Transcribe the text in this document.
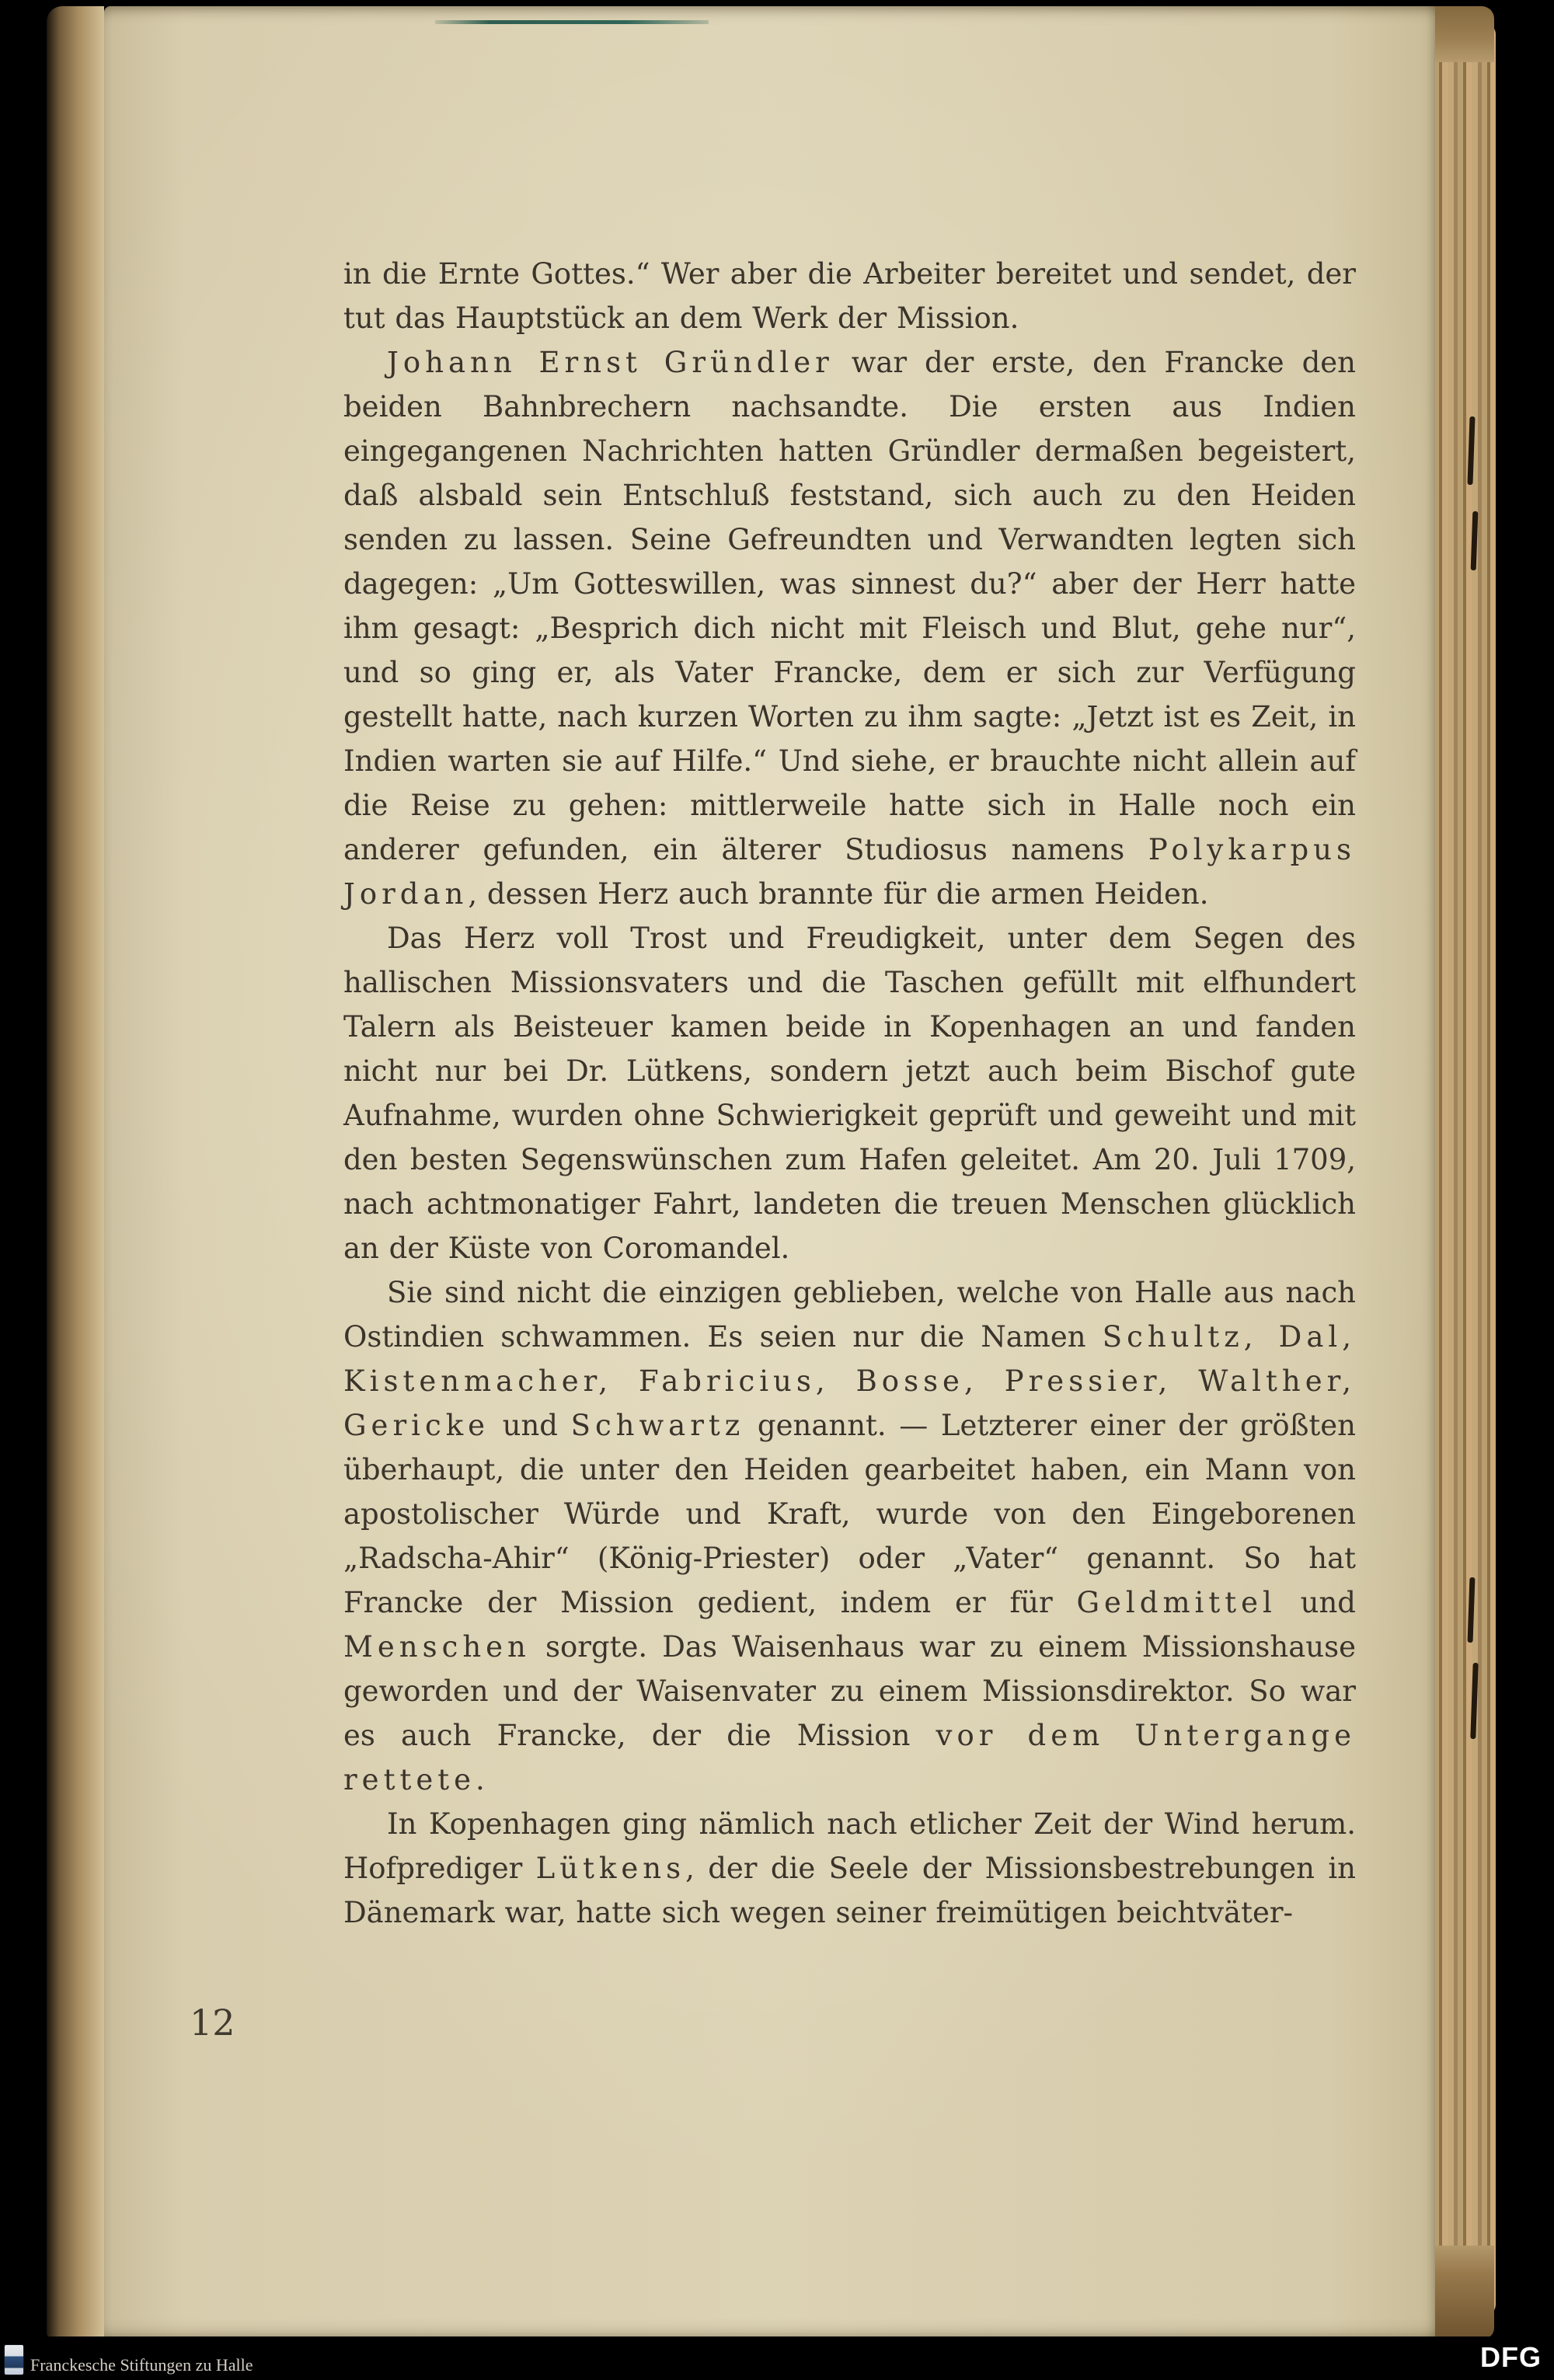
in die Ernte Gottes.“ Wer aber die Arbeiter bereitet und sendet, der tut das Hauptstück an dem Werk der Mission.

Johann Ernst Gründler war der erste, den Francke den beiden Bahnbrechern nachsandte. Die ersten aus Indien eingegangenen Nachrichten hatten Gründler dermaßen begeistert, daß alsbald sein Entschluß feststand, sich auch zu den Heiden senden zu lassen. Seine Gefreundten und Verwandten legten sich dagegen: „Um Gotteswillen, was sinnest du?“ aber der Herr hatte ihm gesagt: „Besprich dich nicht mit Fleisch und Blut, gehe nur“, und so ging er, als Vater Francke, dem er sich zur Verfügung gestellt hatte, nach kurzen Worten zu ihm sagte: „Jetzt ist es Zeit, in Indien warten sie auf Hilfe.“ Und siehe, er brauchte nicht allein auf die Reise zu gehen: mittlerweile hatte sich in Halle noch ein anderer gefunden, ein älterer Studiosus namens Polykarpus Jordan, dessen Herz auch brannte für die armen Heiden.

Das Herz voll Trost und Freudigkeit, unter dem Segen des hallischen Missionsvaters und die Taschen gefüllt mit elfhundert Talern als Beisteuer kamen beide in Kopenhagen an und fanden nicht nur bei Dr. Lütkens, sondern jetzt auch beim Bischof gute Aufnahme, wurden ohne Schwierigkeit geprüft und geweiht und mit den besten Segenswünschen zum Hafen geleitet. Am 20. Juli 1709, nach achtmonatiger Fahrt, landeten die treuen Menschen glücklich an der Küste von Coromandel.

Sie sind nicht die einzigen geblieben, welche von Halle aus nach Ostindien schwammen. Es seien nur die Namen Schultz, Dal, Kistenmacher, Fabricius, Bosse, Pressier, Walther, Gericke und Schwartz genannt. — Letzterer einer der größten überhaupt, die unter den Heiden gearbeitet haben, ein Mann von apostolischer Würde und Kraft, wurde von den Eingeborenen „Radscha-Ahir“ (König-Priester) oder „Vater“ genannt. So hat Francke der Mission gedient, indem er für Geldmittel und Menschen sorgte. Das Waisenhaus war zu einem Missionshause geworden und der Waisenvater zu einem Missionsdirektor. So war es auch Francke, der die Mission vor dem Untergange rettete.

In Kopenhagen ging nämlich nach etlicher Zeit der Wind herum. Hofprediger Lütkens, der die Seele der Missionsbestrebungen in Dänemark war, hatte sich wegen seiner freimütigen beichtväter-

12
Franckesche Stiftungen zu Halle	DFG
